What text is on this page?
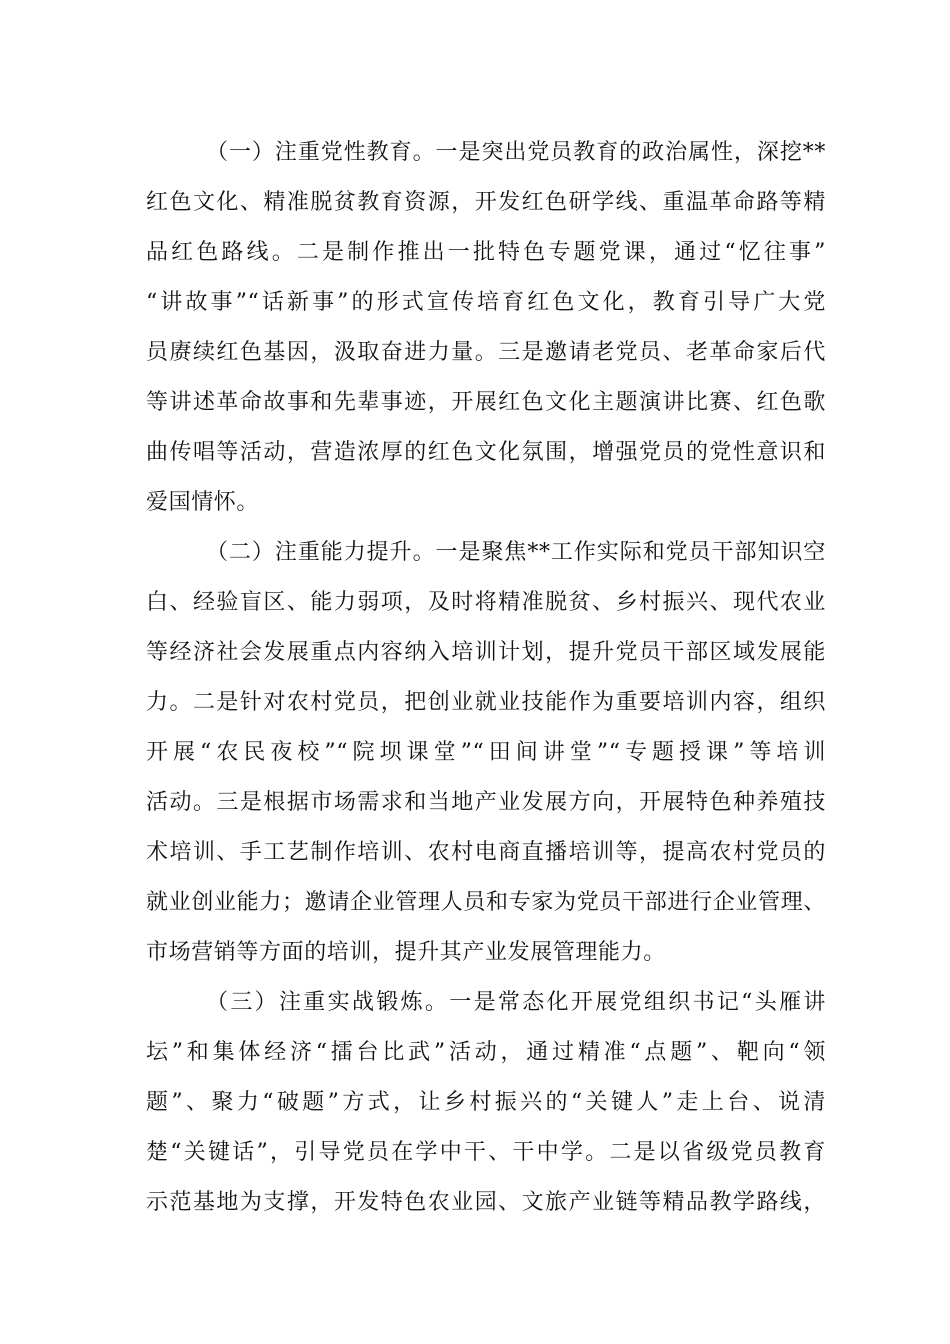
（一）注重党性教育。一是突出党员教育的政治属性，深挖**
红色文化、精准脱贫教育资源，开发红色研学线、重温革命路等精
品红色路线。二是制作推出一批特色专题党课，通过“忆往事”
“讲故事”“话新事”的形式宣传培育红色文化，教育引导广大党
员赓续红色基因，汲取奋进力量。三是邀请老党员、老革命家后代
等讲述革命故事和先辈事迹，开展红色文化主题演讲比赛、红色歌
曲传唱等活动，营造浓厚的红色文化氛围，增强党员的党性意识和
爱国情怀。
（二）注重能力提升。一是聚焦**工作实际和党员干部知识空
白、经验盲区、能力弱项，及时将精准脱贫、乡村振兴、现代农业
等经济社会发展重点内容纳入培训计划，提升党员干部区域发展能
力。二是针对农村党员，把创业就业技能作为重要培训内容，组织
开展“农民夜校”“院坝课堂”“田间讲堂”“专题授课”等培训
活动。三是根据市场需求和当地产业发展方向，开展特色种养殖技
术培训、手工艺制作培训、农村电商直播培训等，提高农村党员的
就业创业能力；邀请企业管理人员和专家为党员干部进行企业管理、
市场营销等方面的培训，提升其产业发展管理能力。
（三）注重实战锻炼。一是常态化开展党组织书记“头雁讲
坛”和集体经济“擂台比武”活动，通过精准“点题”、靶向“领
题”、聚力“破题”方式，让乡村振兴的“关键人”走上台、说清
楚“关键话”，引导党员在学中干、干中学。二是以省级党员教育
示范基地为支撑，开发特色农业园、文旅产业链等精品教学路线，
